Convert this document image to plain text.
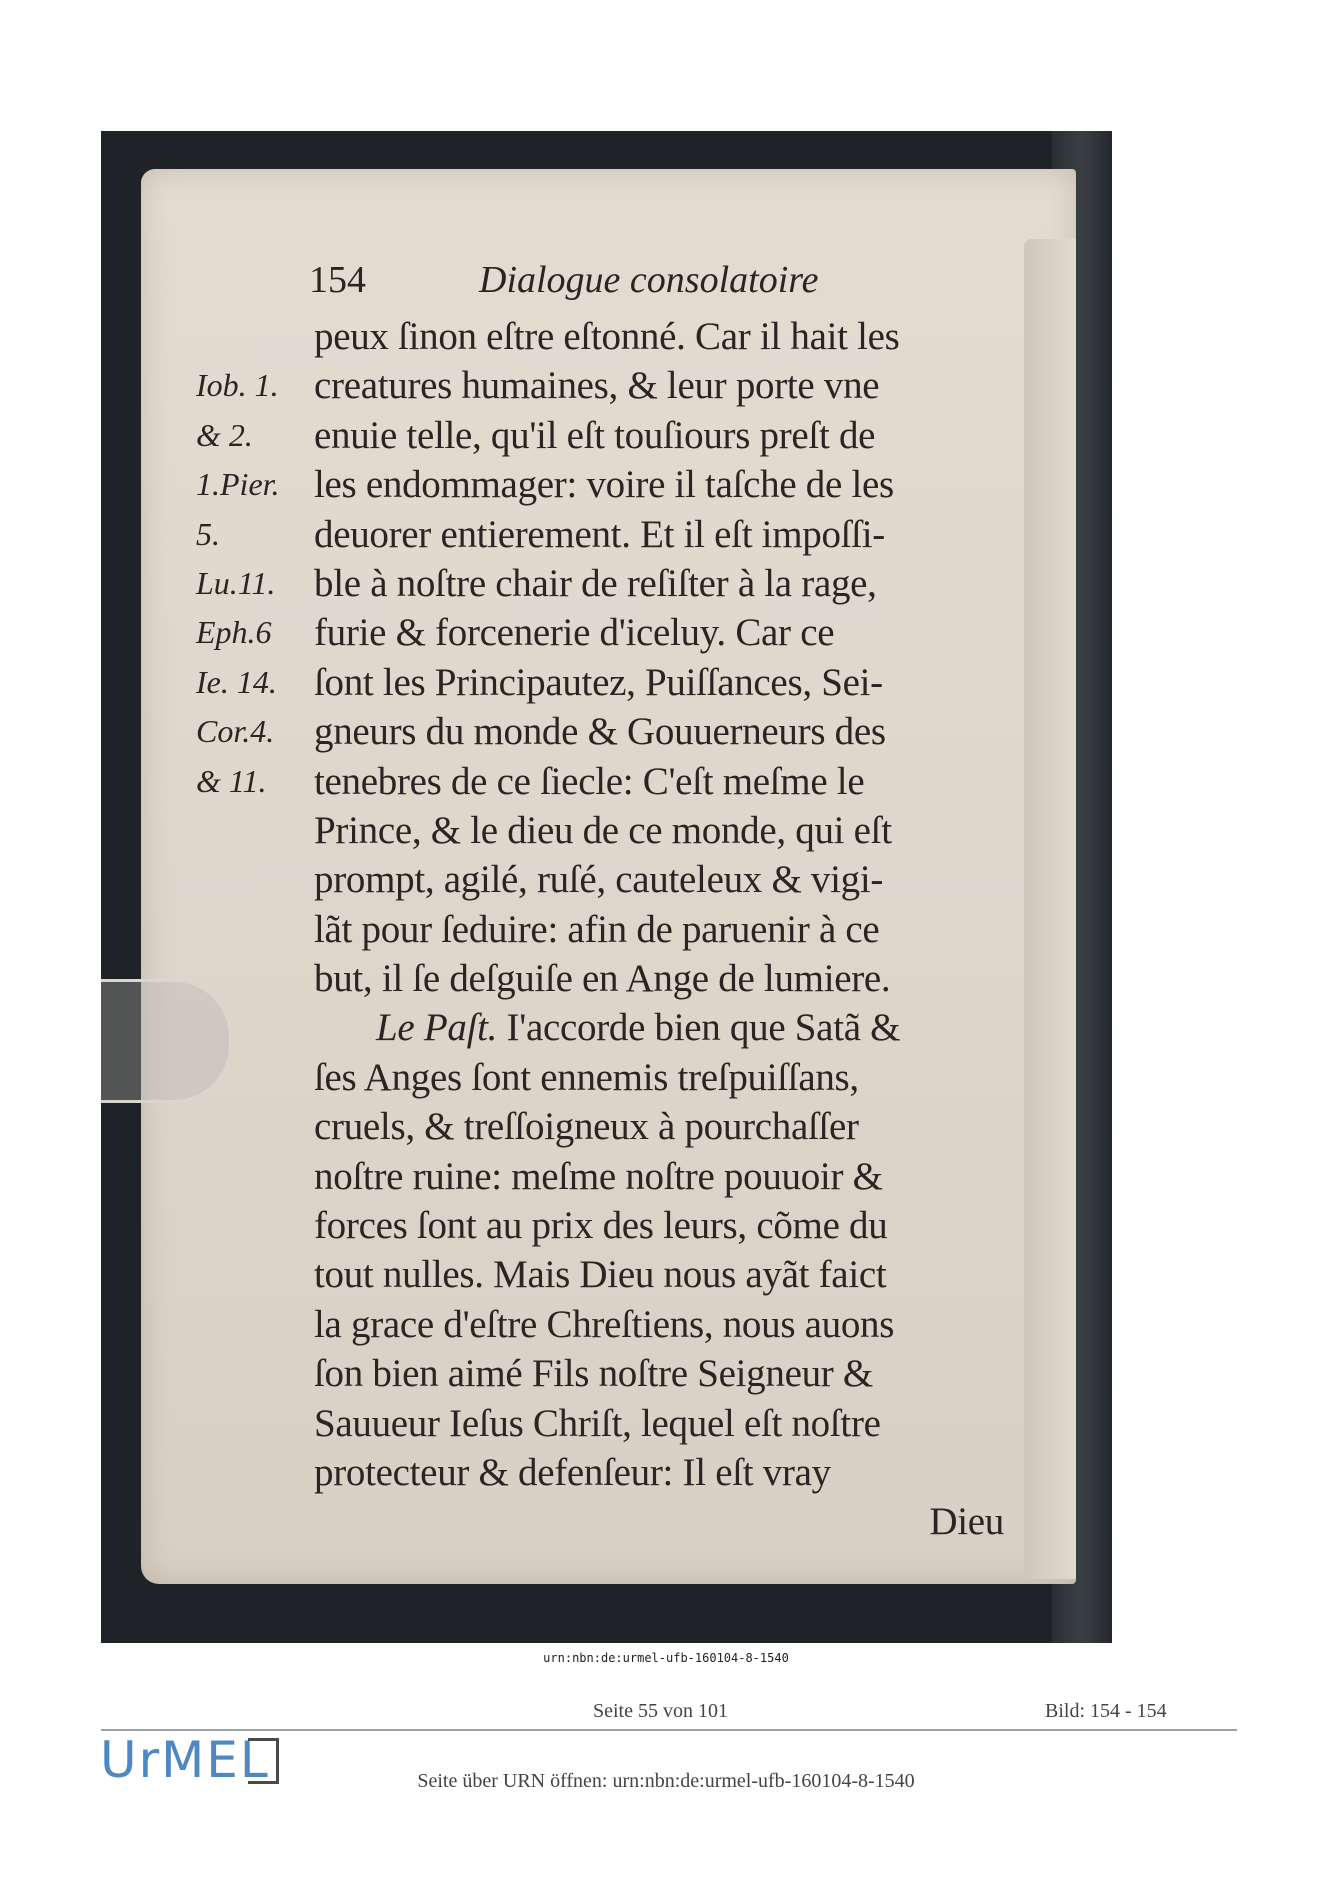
154	Dialogue consolatoire
Iob. 1.
& 2.
1.Pier.
5.
Lu.11.
Eph.6
Ie. 14.
Cor.4.
& 11.
peux ſinon eſtre eſtonné. Car il hait les
creatures humaines, & leur porte vne
enuie telle, qu'il eſt touſiours preſt de
les endommager: voire il taſche de les
deuorer entierement. Et il eſt impoſſi-
ble à noſtre chair de reſiſter à la rage,
furie & forcenerie d'iceluy. Car ce
ſont les Principautez, Puiſſances, Sei-
gneurs du monde & Gouuerneurs des
tenebres de ce ſiecle: C'eſt meſme le
Prince, & le dieu de ce monde, qui eſt
prompt, agilé, ruſé, cauteleux & vigi-
lãt pour ſeduire: afin de paruenir à ce
but, il ſe deſguiſe en Ange de lumiere.
Le Paſt. I'accorde bien que Satã &
ſes Anges ſont ennemis treſpuiſſans,
cruels, & treſſoigneux à pourchaſſer
noſtre ruine: meſme noſtre pouuoir &
forces ſont au prix des leurs, cõme du
tout nulles. Mais Dieu nous ayãt faict
la grace d'eſtre Chreſtiens, nous auons
ſon bien aimé Fils noſtre Seigneur &
Sauueur Ieſus Chriſt, lequel eſt noſtre
protecteur & defenſeur: Il eſt vray
Dieu
urn:nbn:de:urmel-ufb-160104-8-1540
Seite 55 von 101	Bild: 154 - 154
UrMEL	Seite über URN öffnen: urn:nbn:de:urmel-ufb-160104-8-1540
